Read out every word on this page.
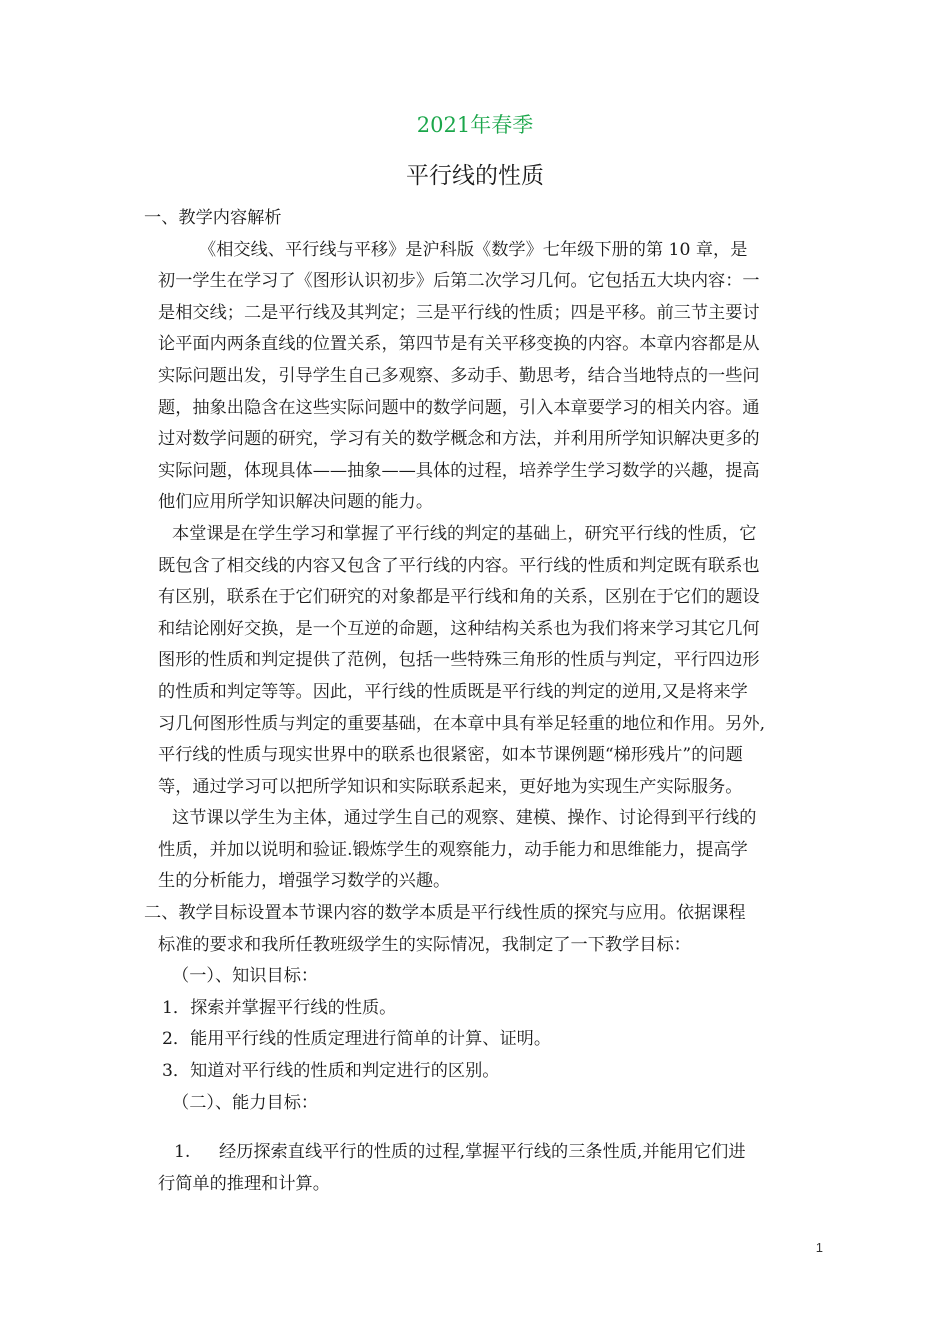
2021年春季
平行线的性质
一、教学内容解析
《相交线、平行线与平移》是沪科版《数学》七年级下册的第 10 章，是
初一学生在学习了《图形认识初步》后第二次学习几何。它包括五大块内容：一
是相交线；二是平行线及其判定；三是平行线的性质；四是平移。前三节主要讨
论平面内两条直线的位置关系，第四节是有关平移变换的内容。本章内容都是从
实际问题出发，引导学生自己多观察、多动手、勤思考，结合当地特点的一些问
题，抽象出隐含在这些实际问题中的数学问题，引入本章要学习的相关内容。通
过对数学问题的研究，学习有关的数学概念和方法，并利用所学知识解决更多的
实际问题，体现具体——抽象——具体的过程，培养学生学习数学的兴趣，提高
他们应用所学知识解决问题的能力。
本堂课是在学生学习和掌握了平行线的判定的基础上，研究平行线的性质，它
既包含了相交线的内容又包含了平行线的内容。平行线的性质和判定既有联系也
有区别，联系在于它们研究的对象都是平行线和角的关系，区别在于它们的题设
和结论刚好交换，是一个互逆的命题，这种结构关系也为我们将来学习其它几何
图形的性质和判定提供了范例，包括一些特殊三角形的性质与判定，平行四边形
的性质和判定等等。因此，平行线的性质既是平行线的判定的逆用,又是将来学
习几何图形性质与判定的重要基础，在本章中具有举足轻重的地位和作用。另外,
平行线的性质与现实世界中的联系也很紧密，如本节课例题“梯形残片”的问题
等，通过学习可以把所学知识和实际联系起来，更好地为实现生产实际服务。
这节课以学生为主体，通过学生自己的观察、建模、操作、讨论得到平行线的
性质，并加以说明和验证.锻炼学生的观察能力，动手能力和思维能力，提高学
生的分析能力，增强学习数学的兴趣。
二、教学目标设置本节课内容的数学本质是平行线性质的探究与应用。依据课程
标准的要求和我所任教班级学生的实际情况，我制定了一下教学目标：
（一）、知识目标：
1．探索并掌握平行线的性质。
2．能用平行线的性质定理进行简单的计算、证明。
3．知道对平行线的性质和判定进行的区别。
（二）、能力目标：
1. 经历探索直线平行的性质的过程,掌握平行线的三条性质,并能用它们进
行简单的推理和计算。
1
